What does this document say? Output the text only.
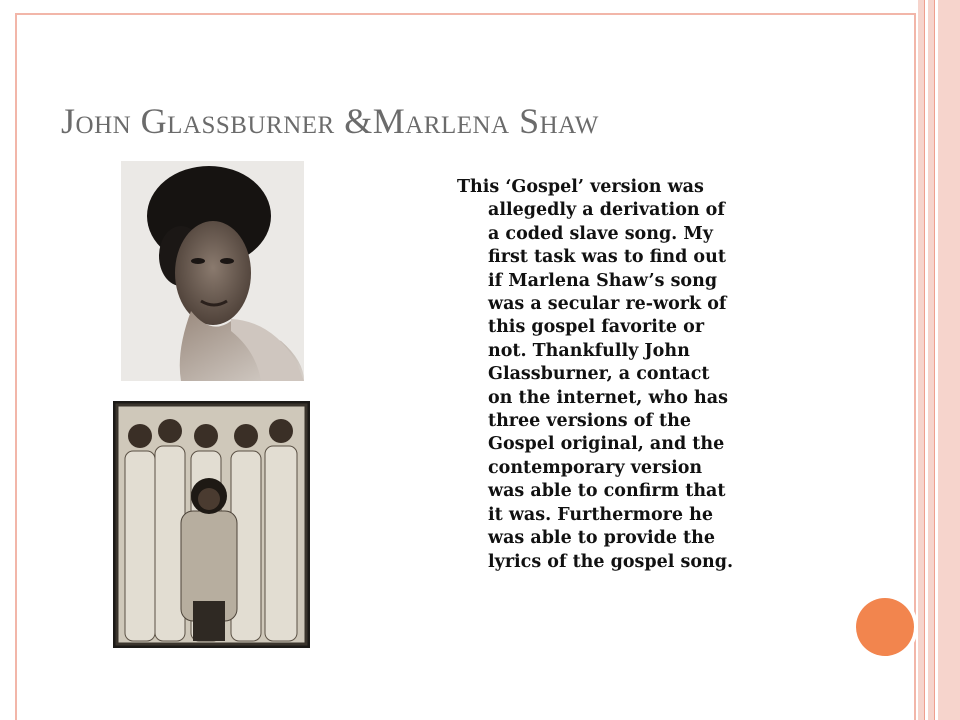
John Glassburner &Marlena Shaw
This ‘Gospel’ version was
allegedly a derivation of
a coded slave song. My
first task was to find out
if Marlena Shaw’s song
was a secular re-work of
this gospel favorite or
not. Thankfully John
Glassburner, a contact
on the internet, who has
three versions of the
Gospel original, and the
contemporary version
was able to confirm that
it was. Furthermore he
was able to provide the
lyrics of the gospel song.
